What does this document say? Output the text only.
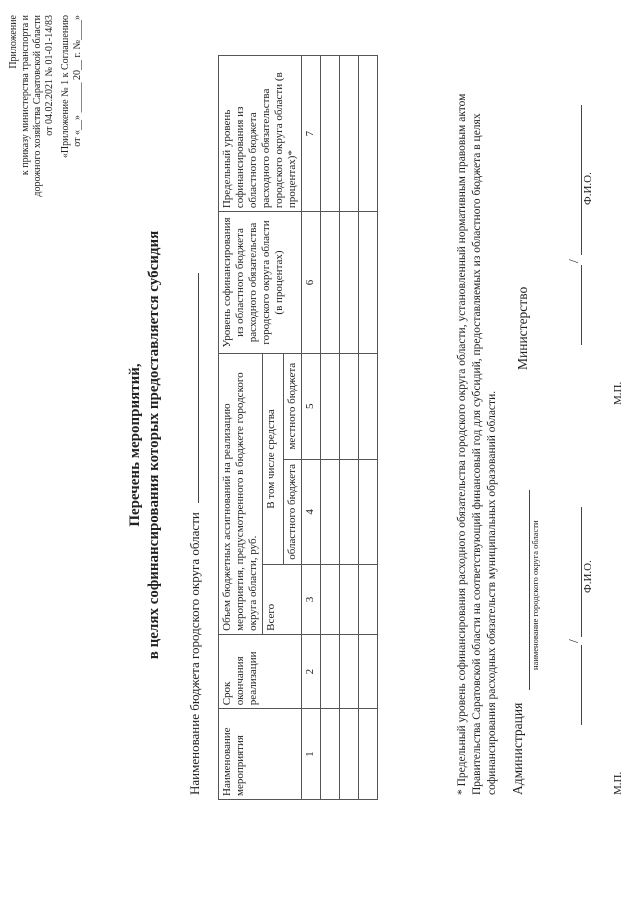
Приложение к приказу министерства транспорта и дорожного хозяйства Саратовской области от 04.02.2021 № 01-01-14/83 «Приложение № 1 к Соглашению от «__» ______ 20__ г. №____»
Перечень мероприятий, в целях софинансирования которых предоставляется субсидия Наименование бюджета городского округа области Наименование мероприятия	Срок окончания реализации	Объем бюджетных ассигнований на реализацию мероприятия, предусмотренного в бюджете городского округа области, руб.			Уровень софинансирования из областного бюджета расходного обязательства городского округа области (в процентах)	Предельный уровень софинансирования из областного бюджета расходного обязательства городского округа области (в процентах)*
		Всего	В том числе средства			
			областного бюджета	местного бюджета		
1	2	3	4	5	6	7

							* Предельный уровень софинансирования расходного обязательства городского округа области, установленный нормативным правовым актом Правительства Саратовской области на соответствующий финансовый год для субсидий, предоставляемых из областного бюджета в целях софинансирования расходных обязательств муниципальных образований области. Администрация
наименование городского округа области /
Ф.И.О.
М.П.
Министерство
/
Ф.И.О.
М.П.
